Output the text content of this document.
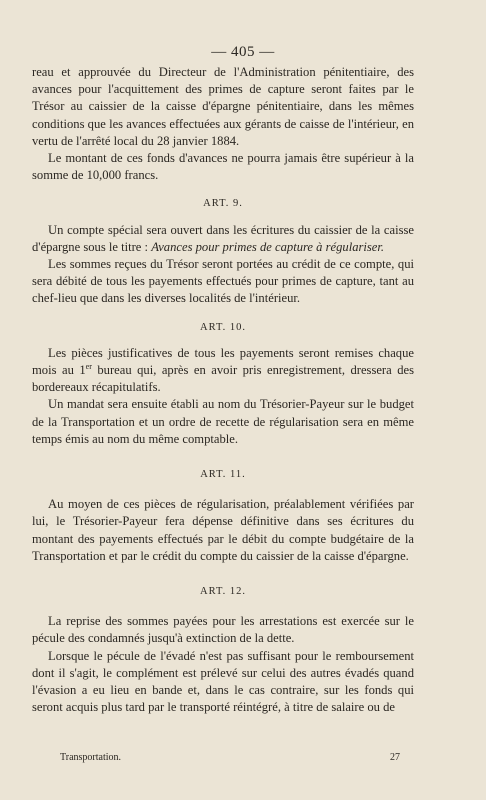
— 405 —

reau et approuvée du Directeur de l'Administration pénitentiaire, des avances pour l'acquittement des primes de capture seront faites par le Trésor au caissier de la caisse d'épargne pénitentiaire, dans les mêmes conditions que les avances effectuées aux gérants de caisse de l'intérieur, en vertu de l'arrêté local du 28 janvier 1884.

Le montant de ces fonds d'avances ne pourra jamais être supérieur à la somme de 10,000 francs.

ART. 9.

Un compte spécial sera ouvert dans les écritures du caissier de la caisse d'épargne sous le titre : Avances pour primes de capture à régulariser.

Les sommes reçues du Trésor seront portées au crédit de ce compte, qui sera débité de tous les payements effectués pour primes de capture, tant au chef-lieu que dans les diverses localités de l'intérieur.

ART. 10.

Les pièces justificatives de tous les payements seront remises chaque mois au 1er bureau qui, après en avoir pris enregistrement, dressera des bordereaux récapitulatifs.

Un mandat sera ensuite établi au nom du Trésorier-Payeur sur le budget de la Transportation et un ordre de recette de régularisation sera en même temps émis au nom du même comptable.

ART. 11.

Au moyen de ces pièces de régularisation, préalablement vérifiées par lui, le Trésorier-Payeur fera dépense définitive dans ses écritures du montant des payements effectués par le débit du compte budgétaire de la Transportation et par le crédit du compte du caissier de la caisse d'épargne.

ART. 12.

La reprise des sommes payées pour les arrestations est exercée sur le pécule des condamnés jusqu'à extinction de la dette.

Lorsque le pécule de l'évadé n'est pas suffisant pour le remboursement dont il s'agit, le complément est prélevé sur celui des autres évadés quand l'évasion a eu lieu en bande et, dans le cas contraire, sur les fonds qui seront acquis plus tard par le transporté réintégré, à titre de salaire ou de

Transportation.	27
